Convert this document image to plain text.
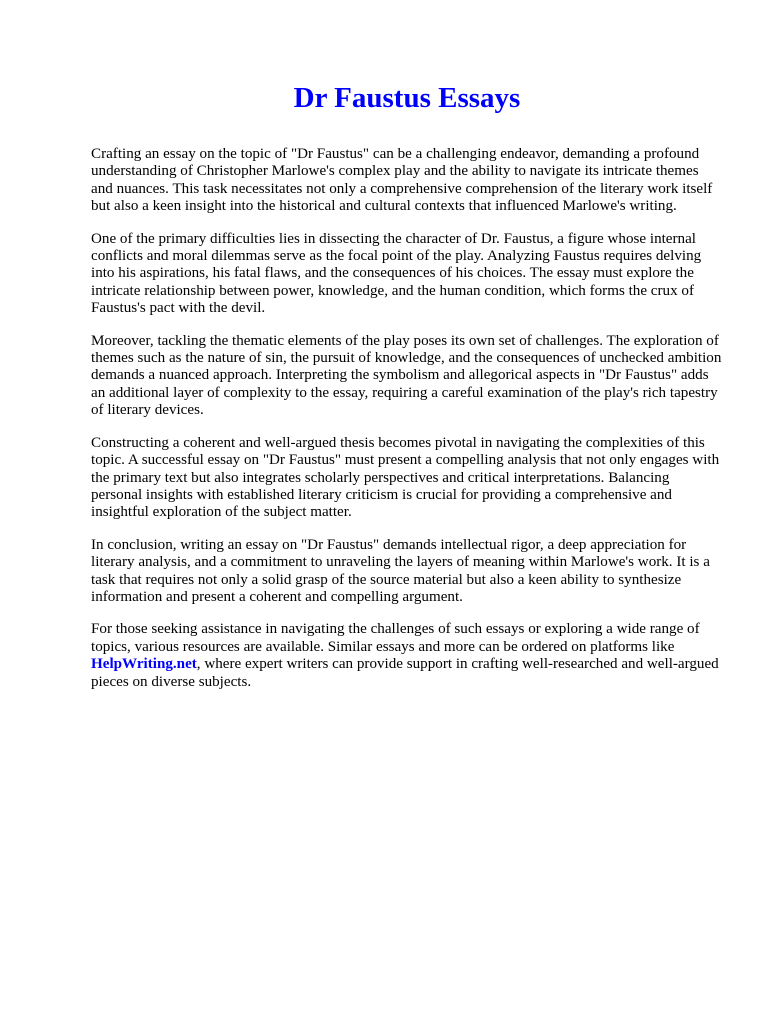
Dr Faustus Essays

Crafting an essay on the topic of "Dr Faustus" can be a challenging endeavor, demanding a profound understanding of Christopher Marlowe's complex play and the ability to navigate its intricate themes and nuances. This task necessitates not only a comprehensive comprehension of the literary work itself but also a keen insight into the historical and cultural contexts that influenced Marlowe's writing.

One of the primary difficulties lies in dissecting the character of Dr. Faustus, a figure whose internal conflicts and moral dilemmas serve as the focal point of the play. Analyzing Faustus requires delving into his aspirations, his fatal flaws, and the consequences of his choices. The essay must explore the intricate relationship between power, knowledge, and the human condition, which forms the crux of Faustus's pact with the devil.

Moreover, tackling the thematic elements of the play poses its own set of challenges. The exploration of themes such as the nature of sin, the pursuit of knowledge, and the consequences of unchecked ambition demands a nuanced approach. Interpreting the symbolism and allegorical aspects in "Dr Faustus" adds an additional layer of complexity to the essay, requiring a careful examination of the play's rich tapestry of literary devices.

Constructing a coherent and well-argued thesis becomes pivotal in navigating the complexities of this topic. A successful essay on "Dr Faustus" must present a compelling analysis that not only engages with the primary text but also integrates scholarly perspectives and critical interpretations. Balancing personal insights with established literary criticism is crucial for providing a comprehensive and insightful exploration of the subject matter.

In conclusion, writing an essay on "Dr Faustus" demands intellectual rigor, a deep appreciation for literary analysis, and a commitment to unraveling the layers of meaning within Marlowe's work. It is a task that requires not only a solid grasp of the source material but also a keen ability to synthesize information and present a coherent and compelling argument.

For those seeking assistance in navigating the challenges of such essays or exploring a wide range of topics, various resources are available. Similar essays and more can be ordered on platforms like HelpWriting.net, where expert writers can provide support in crafting well-researched and well-argued pieces on diverse subjects.
